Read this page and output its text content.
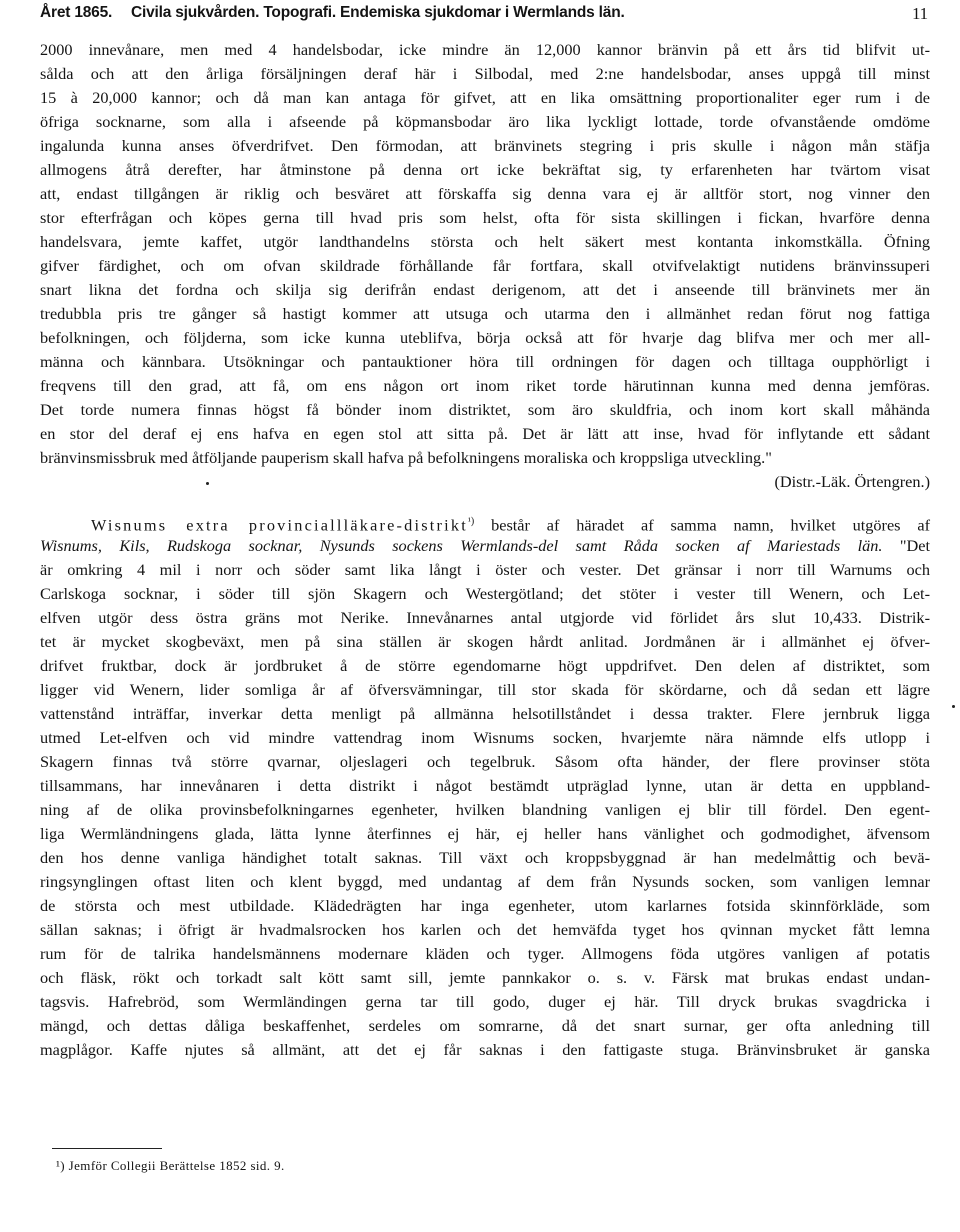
Året 1865. Civila sjukvården. Topografi. Endemiska sjukdomar i Wermlands län.	11
2000 innevånare, men med 4 handelsbodar, icke mindre än 12,000 kannor bränvin på ett års tid blifvit ut-
sålda och att den årliga försäljningen deraf här i Silbodal, med 2:ne handelsbodar, anses uppgå till minst
15 à 20,000 kannor; och då man kan antaga för gifvet, att en lika omsättning proportionaliter eger rum i de
öfriga socknarne, som alla i afseende på köpmansbodar äro lika lyckligt lottade, torde ofvanstående omdöme
ingalunda kunna anses öfverdrifvet. Den förmodan, att bränvinets stegring i pris skulle i någon mån stäfja
allmogens åtrå derefter, har åtminstone på denna ort icke bekräftat sig, ty erfarenheten har tvärtom visat
att, endast tillgången är riklig och besväret att förskaffa sig denna vara ej är alltför stort, nog vinner den
stor efterfrågan och köpes gerna till hvad pris som helst, ofta för sista skillingen i fickan, hvarföre denna
handelsvara, jemte kaffet, utgör landthandelns största och helt säkert mest kontanta inkomstkälla. Öfning
gifver färdighet, och om ofvan skildrade förhållande får fortfara, skall otvifvelaktigt nutidens bränvinssuperi
snart likna det fordna och skilja sig derifrån endast derigenom, att det i anseende till bränvinets mer än
tredubbla pris tre gånger så hastigt kommer att utsuga och utarma den i allmänhet redan förut nog fattiga
befolkningen, och följderna, som icke kunna uteblifva, börja också att för hvarje dag blifva mer och mer all-
männa och kännbara. Utsökningar och pantauktioner höra till ordningen för dagen och tilltaga oupphörligt i
freqvens till den grad, att få, om ens någon ort inom riket torde härutinnan kunna med denna jemföras.
Det torde numera finnas högst få bönder inom distriktet, som äro skuldfria, och inom kort skall måhända
en stor del deraf ej ens hafva en egen stol att sitta på. Det är lätt att inse, hvad för inflytande ett sådant
bränvinsmissbruk med åtföljande pauperism skall hafva på befolkningens moraliska och kroppsliga utveckling."
(Distr.-Läk. Örtengren.)
Wisnums extra provinciallläkare-distrikt$^{^1)}$ består af häradet af samma namn, hvilket utgöres af
Wisnums, Kils, Rudskoga socknar, Nysunds sockens Wermlands-del samt Råda socken af Mariestads län. "Det
är omkring 4 mil i norr och söder samt lika långt i öster och vester. Det gränsar i norr till Warnums och
Carlskoga socknar, i söder till sjön Skagern och Westergötland; det stöter i vester till Wenern, och Let-
elfven utgör dess östra gräns mot Nerike. Innevånarnes antal utgjorde vid förlidet års slut 10,433. Distrik-
tet är mycket skogbeväxt, men på sina ställen är skogen hårdt anlitad. Jordmånen är i allmänhet ej öfver-
drifvet fruktbar, dock är jordbruket å de större egendomarne högt uppdrifvet. Den delen af distriktet, som
ligger vid Wenern, lider somliga år af öfversvämningar, till stor skada för skördarne, och då sedan ett lägre
vattenstånd inträffar, inverkar detta menligt på allmänna helsotillståndet i dessa trakter. Flere jernbruk ligga
utmed Let-elfven och vid mindre vattendrag inom Wisnums socken, hvarjemte nära nämnde elfs utlopp i
Skagern finnas två större qvarnar, oljeslageri och tegelbruk. Såsom ofta händer, der flere provinser stöta
tillsammans, har innevånaren i detta distrikt i något bestämdt utpräglad lynne, utan är detta en uppbland-
ning af de olika provinsbefolkningarnes egenheter, hvilken blandning vanligen ej blir till fördel. Den egent-
liga Wermländningens glada, lätta lynne återfinnes ej här, ej heller hans vänlighet och godmodighet, äfvensom
den hos denne vanliga händighet totalt saknas. Till växt och kroppsbyggnad är han medelmåttig och bevä-
ringsynglingen oftast liten och klent byggd, med undantag af dem från Nysunds socken, som vanligen lemnar
de största och mest utbildade. Klädedrägten har inga egenheter, utom karlarnes fotsida skinnförkläde, som
sällan saknas; i öfrigt är hvadmalsrocken hos karlen och det hemväfda tyget hos qvinnan mycket fått lemna
rum för de talrika handelsmännens modernare kläden och tyger. Allmogens föda utgöres vanligen af potatis
och fläsk, rökt och torkadt salt kött samt sill, jemte pannkakor o. s. v. Färsk mat brukas endast undan-
tagsvis. Hafrebröd, som Wermländingen gerna tar till godo, duger ej här. Till dryck brukas svagdricka i
mängd, och dettas dåliga beskaffenhet, serdeles om somrarne, då det snart surnar, ger ofta anledning till
magplågor. Kaffe njutes så allmänt, att det ej får saknas i den fattigaste stuga. Bränvinsbruket är ganska
¹) Jemför Collegii Berättelse 1852 sid. 9.
